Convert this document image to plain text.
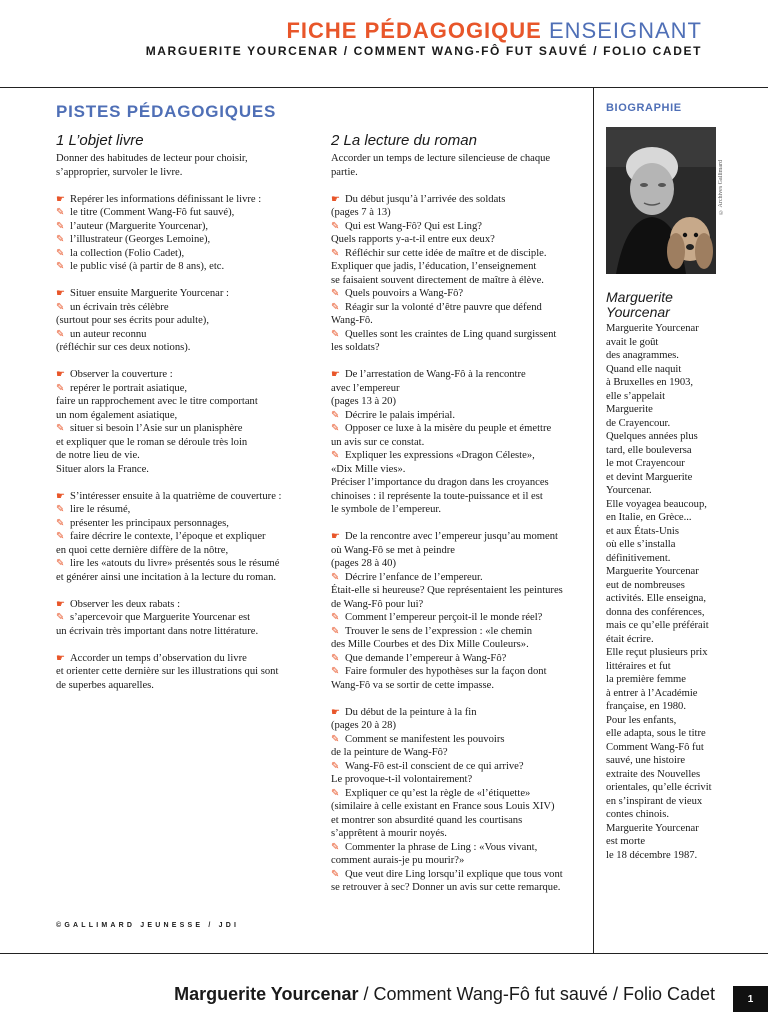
FICHE PÉDAGOGIQUE ENSEIGNANT
MARGUERITE YOURCENAR / COMMENT WANG-FÔ FUT SAUVÉ / FOLIO CADET
PISTES PÉDAGOGIQUES	BIOGRAPHIE
1 L’objet livre
Donner des habitudes de lecteur pour choisir,
s’approprier, survoler le livre.

☛ Repérer les informations définissant le livre :
✎ le titre (Comment Wang-Fô fut sauvé),
✎ l’auteur (Marguerite Yourcenar),
✎ l’illustrateur (Georges Lemoine),
✎ la collection (Folio Cadet),
✎ le public visé (à partir de 8 ans), etc.

☛ Situer ensuite Marguerite Yourcenar :
✎ un écrivain très célèbre
(surtout pour ses écrits pour adulte),
✎ un auteur reconnu
(réfléchir sur ces deux notions).

☛ Observer la couverture :
✎ repérer le portrait asiatique,
faire un rapprochement avec le titre comportant
un nom également asiatique,
✎ situer si besoin l’Asie sur un planisphère
et expliquer que le roman se déroule très loin
de notre lieu de vie.
Situer alors la France.

☛ S’intéresser ensuite à la quatrième de couverture :
✎ lire le résumé,
✎ présenter les principaux personnages,
✎ faire décrire le contexte, l’époque et expliquer
en quoi cette dernière diffère de la nôtre,
✎ lire les «atouts du livre» présentés sous le résumé
et générer ainsi une incitation à la lecture du roman.

☛ Observer les deux rabats :
✎ s’apercevoir que Marguerite Yourcenar est
un écrivain très important dans notre littérature.

☛ Accorder un temps d’observation du livre
et orienter cette dernière sur les illustrations qui sont
de superbes aquarelles.
2 La lecture du roman
Accorder un temps de lecture silencieuse de chaque
partie.

☛ Du début jusqu’à l’arrivée des soldats
(pages 7 à 13)
✎ Qui est Wang-Fô? Qui est Ling?
Quels rapports y-a-t-il entre eux deux?
✎ Réfléchir sur cette idée de maître et de disciple.
Expliquer que jadis, l’éducation, l’enseignement
se faisaient souvent directement de maître à élève.
✎ Quels pouvoirs a Wang-Fô?
✎ Réagir sur la volonté d’être pauvre que défend
Wang-Fô.
✎ Quelles sont les craintes de Ling quand surgissent
les soldats?

☛ De l’arrestation de Wang-Fô à la rencontre
avec l’empereur
(pages 13 à 20)
✎ Décrire le palais impérial.
✎ Opposer ce luxe à la misère du peuple et émettre
un avis sur ce constat.
✎ Expliquer les expressions «Dragon Céleste»,
«Dix Mille vies».
Préciser l’importance du dragon dans les croyances
chinoises : il représente la toute-puissance et il est
le symbole de l’empereur.

☛ De la rencontre avec l’empereur jusqu’au moment
où Wang-Fô se met à peindre
(pages 28 à 40)
✎ Décrire l’enfance de l’empereur.
Était-elle si heureuse? Que représentaient les peintures
de Wang-Fô pour lui?
✎ Comment l’empereur perçoit-il le monde réel?
✎ Trouver le sens de l’expression : «le chemin
des Mille Courbes et des Dix Mille Couleurs».
✎ Que demande l’empereur à Wang-Fô?
✎ Faire formuler des hypothèses sur la façon dont
Wang-Fô va se sortir de cette impasse.

☛ Du début de la peinture à la fin
(pages 20 à 28)
✎ Comment se manifestent les pouvoirs
de la peinture de Wang-Fô?
✎ Wang-Fô est-il conscient de ce qui arrive?
Le provoque-t-il volontairement?
✎ Expliquer ce qu’est la règle de «l’étiquette»
(similaire à celle existant en France sous Louis XIV)
et montrer son absurdité quand les courtisans
s’apprêtent à mourir noyés.
✎ Commenter la phrase de Ling : «Vous vivant,
comment aurais-je pu mourir?»
✎ Que veut dire Ling lorsqu’il explique que tous vont
se retrouver à sec? Donner un avis sur cette remarque.
© Archives Gallimard
Marguerite
Yourcenar
Marguerite Yourcenar
avait le goût
des anagrammes.
Quand elle naquit
à Bruxelles en 1903,
elle s’appelait
Marguerite
de Crayencour.
Quelques années plus
tard, elle bouleversa
le mot Crayencour
et devint Marguerite
Yourcenar.
Elle voyagea beaucoup,
en Italie, en Grèce...
et aux États-Unis
où elle s’installa
définitivement.
Marguerite Yourcenar
eut de nombreuses
activités. Elle enseigna,
donna des conférences,
mais ce qu’elle préférait
était écrire.
Elle reçut plusieurs prix
littéraires et fut
la première femme
à entrer à l’Académie
française, en 1980.
Pour les enfants,
elle adapta, sous le titre
Comment Wang-Fô fut
sauvé, une histoire
extraite des Nouvelles
orientales, qu’elle écrivit
en s’inspirant de vieux
contes chinois.
Marguerite Yourcenar
est morte
le 18 décembre 1987.
©GALLIMARD JEUNESSE / JDI
Marguerite Yourcenar / Comment Wang-Fô fut sauvé / Folio Cadet	1
